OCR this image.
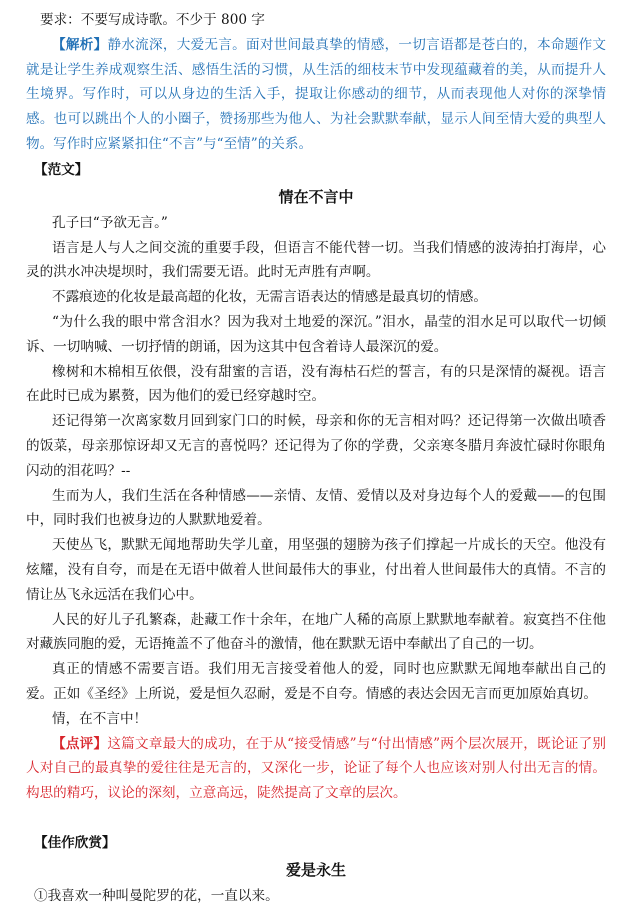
要求：不要写成诗歌。不少于 800 字

【解析】静水流深，大爱无言。面对世间最真挚的情感，一切言语都是苍白的，本命题作文就是让学生养成观察生活、感悟生活的习惯，从生活的细枝末节中发现蕴藏着的美，从而提升人生境界。写作时，可以从身边的生活入手，提取让你感动的细节，从而表现他人对你的深挚情感。也可以跳出个人的小圈子，赞扬那些为他人、为社会默默奉献，显示人间至情大爱的典型人物。写作时应紧紧扣住“不言”与“至情”的关系。

【范文】

情在不言中

孔子曰“予欲无言。”

语言是人与人之间交流的重要手段，但语言不能代替一切。当我们情感的波涛拍打海岸，心灵的洪水冲决堤坝时，我们需要无语。此时无声胜有声啊。

不露痕迹的化妆是最高超的化妆，无需言语表达的情感是最真切的情感。

“为什么我的眼中常含泪水？因为我对土地爱的深沉。”泪水，晶莹的泪水足可以取代一切倾诉、一切呐喊、一切抒情的朗诵，因为这其中包含着诗人最深沉的爱。

橡树和木棉相互依偎，没有甜蜜的言语，没有海枯石烂的誓言，有的只是深情的凝视。语言在此时已成为累赘，因为他们的爱已经穿越时空。

还记得第一次离家数月回到家门口的时候，母亲和你的无言相对吗？还记得第一次做出喷香的饭菜，母亲那惊讶却又无言的喜悦吗？还记得为了你的学费，父亲寒冬腊月奔波忙碌时你眼角闪动的泪花吗？--

生而为人，我们生活在各种情感——亲情、友情、爱情以及对身边每个人的爱戴——的包围中，同时我们也被身边的人默默地爱着。

天使丛飞，默默无闻地帮助失学儿童，用坚强的翅膀为孩子们撑起一片成长的天空。他没有炫耀，没有自夸，而是在无语中做着人世间最伟大的事业，付出着人世间最伟大的真情。不言的情让丛飞永远活在我们心中。

人民的好儿子孔繁森，赴藏工作十余年，在地广人稀的高原上默默地奉献着。寂寞挡不住他对藏族同胞的爱，无语掩盖不了他奋斗的激情，他在默默无语中奉献出了自己的一切。

真正的情感不需要言语。我们用无言接受着他人的爱，同时也应默默无闻地奉献出自己的爱。正如《圣经》上所说，爱是恒久忍耐，爱是不自夸。情感的表达会因无言而更加原始真切。

情，在不言中！

【点评】这篇文章最大的成功，在于从“接受情感”与“付出情感”两个层次展开，既论证了别人对自己的最真挚的爱往往是无言的，又深化一步，论证了每个人也应该对别人付出无言的情。构思的精巧，议论的深刻，立意高远，陡然提高了文章的层次。

【佳作欣赏】

爱是永生

①我喜欢一种叫曼陀罗的花，一直以来。
